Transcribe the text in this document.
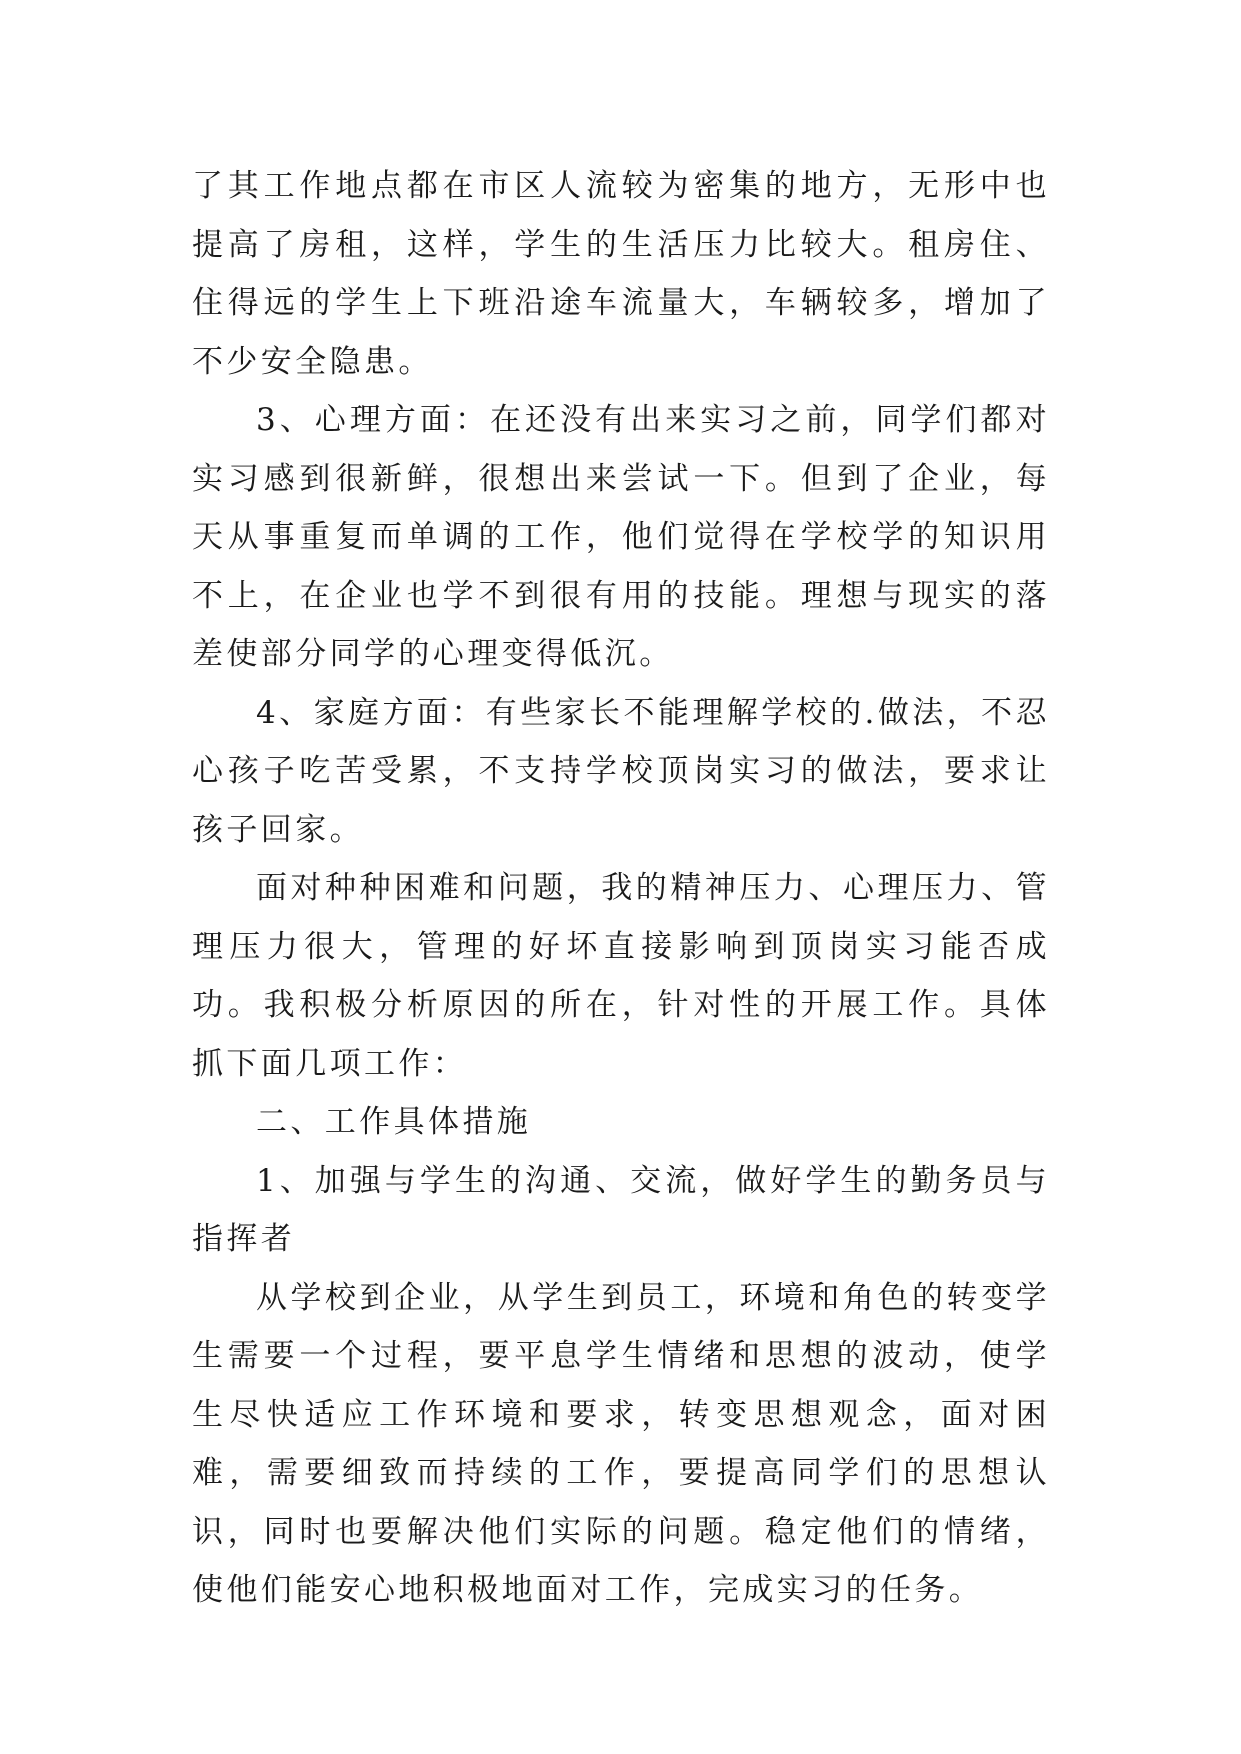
了其工作地点都在市区人流较为密集的地方，无形中也提高了房租，这样，学生的生活压力比较大。租房住、住得远的学生上下班沿途车流量大，车辆较多，增加了不少安全隐患。

3、心理方面：在还没有出来实习之前，同学们都对实习感到很新鲜，很想出来尝试一下。但到了企业，每天从事重复而单调的工作，他们觉得在学校学的知识用不上，在企业也学不到很有用的技能。理想与现实的落差使部分同学的心理变得低沉。

4、家庭方面：有些家长不能理解学校的.做法，不忍心孩子吃苦受累，不支持学校顶岗实习的做法，要求让孩子回家。

面对种种困难和问题，我的精神压力、心理压力、管理压力很大，管理的好坏直接影响到顶岗实习能否成功。我积极分析原因的所在，针对性的开展工作。具体抓下面几项工作：

二、工作具体措施

1、加强与学生的沟通、交流，做好学生的勤务员与指挥者

从学校到企业，从学生到员工，环境和角色的转变学生需要一个过程，要平息学生情绪和思想的波动，使学生尽快适应工作环境和要求，转变思想观念，面对困难，需要细致而持续的工作，要提高同学们的思想认识，同时也要解决他们实际的问题。稳定他们的情绪，使他们能安心地积极地面对工作，完成实习的任务。
